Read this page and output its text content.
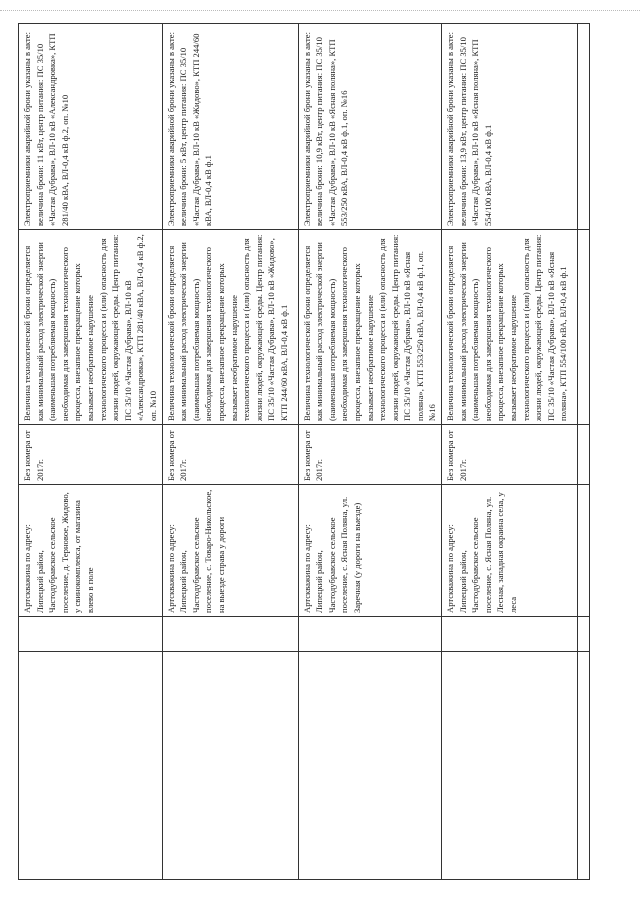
		Артскважина по адресу: Липецкий район, Частодубравское сельское поселение, д. Терновое, Жидово, у свинокомплекса, от магазина влево в поле	Без номера от 2017г.	Величина технологической брони определяется как минимальный расход электрической энергии (наименьшая потребляемая мощность) необходимая для завершения технологического процесса, внезапное прекращение которых вызывает необратимое нарушение технологического процесса и (или) опасность для жизни людей, окружающей среды. Центр питания: ПС 35/10 «Частая Дубрава», ВЛ-10 кВ «Александровка», КТП 281/40 кВА, ВЛ-0,4 кВ ф.2, оп. №10	Электроприемники аварийной брони указаны в акте: величина брони: 11 кВт, центр питания: ПС 35/10 «Частая Дубрава», ВЛ-10 кВ «Александровка», КТП 281/40 кВА, ВЛ-0,4 кВ ф.2, оп. №10
		Артскважина по адресу: Липецкий район, Частодубравское сельское поселение, с. Товаро-Никольское, на выезде справа у дороги	Без номера от 2017г.	Величина технологической брони определяется как минимальный расход электрической энергии (наименьшая потребляемая мощность) необходимая для завершения технологического процесса, внезапное прекращение которых вызывает необратимое нарушение технологического процесса и (или) опасность для жизни людей, окружающей среды. Центр питания: ПС 35/10 «Частая Дубрава», ВЛ-10 кВ «Жидово», КТП 244/60 кВА, ВЛ-0,4 кВ ф.1	Электроприемники аварийной брони указаны в акте: величина брони: 5 кВт, центр питания: ПС 35/10 «Частая Дубрава», ВЛ-10 кВ «Жидово», КТП 244/60 кВА, ВЛ-0,4 кВ ф.1
		Артскважина по адресу: Липецкий район, Частодубравское сельское поселение, с. Ясная Поляна, ул. Заречная (у дороги на выезде)	Без номера от 2017г.	Величина технологической брони определяется как минимальный расход электрической энергии (наименьшая потребляемая мощность) необходимая для завершения технологического процесса, внезапное прекращение которых вызывает необратимое нарушение технологического процесса и (или) опасность для жизни людей, окружающей среды. Центр питания: ПС 35/10 «Частая Дубрава», ВЛ-10 кВ «Ясная поляна», КТП 553/250 кВА, ВЛ-0,4 кВ ф.1, оп. №16	Электроприемники аварийной брони указаны в акте: величина брони: 10,9 кВт, центр питания: ПС 35/10 «Частая Дубрава», ВЛ-10 кВ «Ясная поляна», КТП 553/250 кВА, ВЛ-0,4 кВ ф.1, оп. №16
		Артскважина по адресу: Липецкий район, Частодубравское сельское поселение, с. Ясная Поляна, ул. Лесная, западная окраина села, у леса	Без номера от 2017г.	Величина технологической брони определяется как минимальный расход электрической энергии (наименьшая потребляемая мощность) необходимая для завершения технологического процесса, внезапное прекращение которых вызывает необратимое нарушение технологического процесса и (или) опасность для жизни людей, окружающей среды. Центр питания: ПС 35/10 «Частая Дубрава», ВЛ-10 кВ «Ясная поляна», КТП 554/100 кВА, ВЛ-0,4 кВ ф.1	Электроприемники аварийной брони указаны в акте: величина брони: 13,9 кВт, центр питания: ПС 35/10 «Частая Дубрава», ВЛ-10 кВ «Ясная поляна», КТП 554/100 кВА, ВЛ-0,4 кВ ф.1
